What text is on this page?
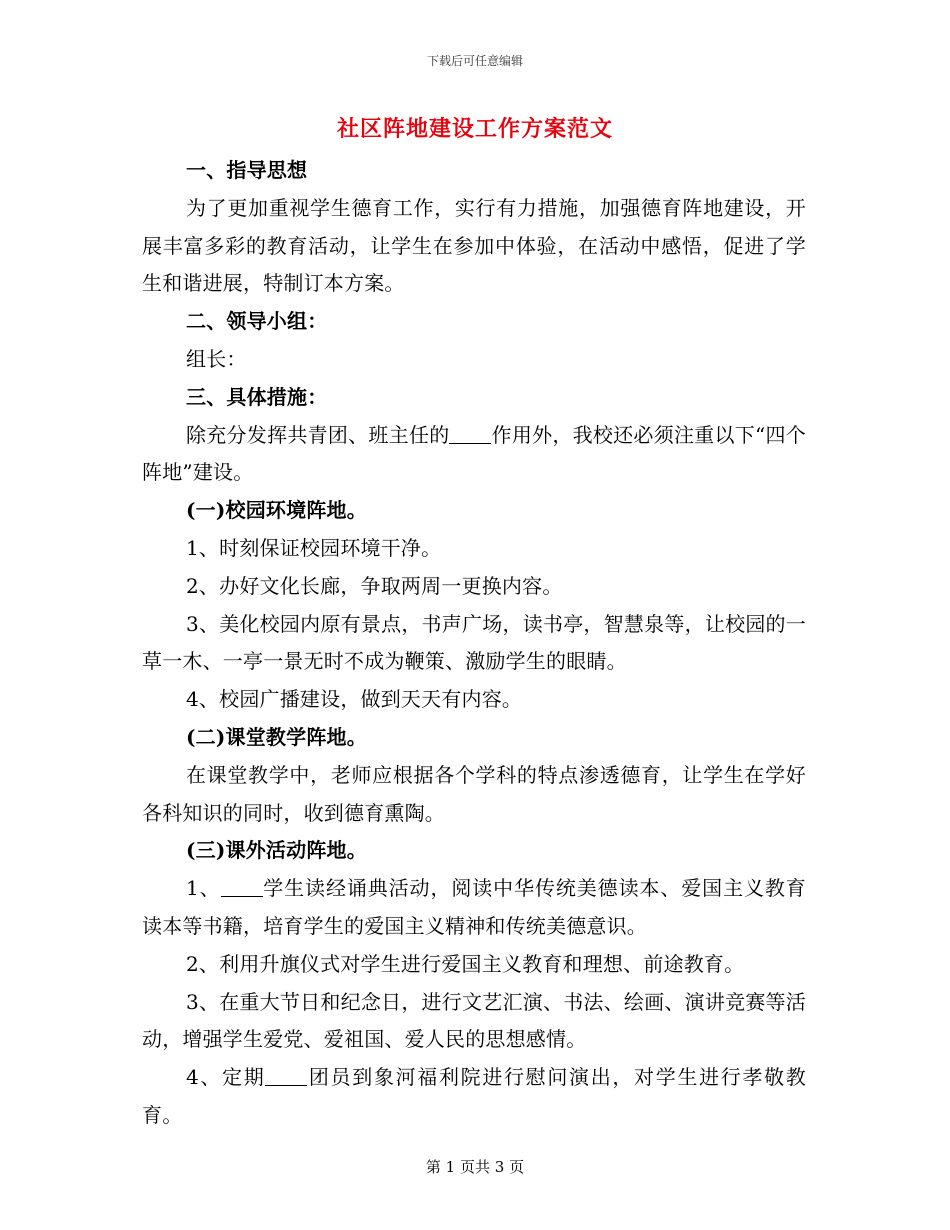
下载后可任意编辑
社区阵地建设工作方案范文

一、指导思想

为了更加重视学生德育工作，实行有力措施，加强德育阵地建设，开展丰富多彩的教育活动，让学生在参加中体验，在活动中感悟，促进了学生和谐进展，特制订本方案。

二、领导小组：

组长：

三、具体措施：

除充分发挥共青团、班主任的 作用外，我校还必须注重以下“四个阵地”建设。

(一)校园环境阵地。

1、时刻保证校园环境干净。

2、办好文化长廊，争取两周一更换内容。

3、美化校园内原有景点，书声广场，读书亭，智慧泉等，让校园的一草一木、一亭一景无时不成为鞭策、激励学生的眼睛。

4、校园广播建设，做到天天有内容。

(二)课堂教学阵地。

在课堂教学中，老师应根据各个学科的特点渗透德育，让学生在学好各科知识的同时，收到德育熏陶。

(三)课外活动阵地。

1、 学生读经诵典活动，阅读中华传统美德读本、爱国主义教育读本等书籍，培育学生的爱国主义精神和传统美德意识。

2、利用升旗仪式对学生进行爱国主义教育和理想、前途教育。

3、在重大节日和纪念日，进行文艺汇演、书法、绘画、演讲竞赛等活动，增强学生爱党、爱祖国、爱人民的思想感情。

4、定期 团员到象河福利院进行慰问演出，对学生进行孝敬教育。

第 1 页共 3 页
